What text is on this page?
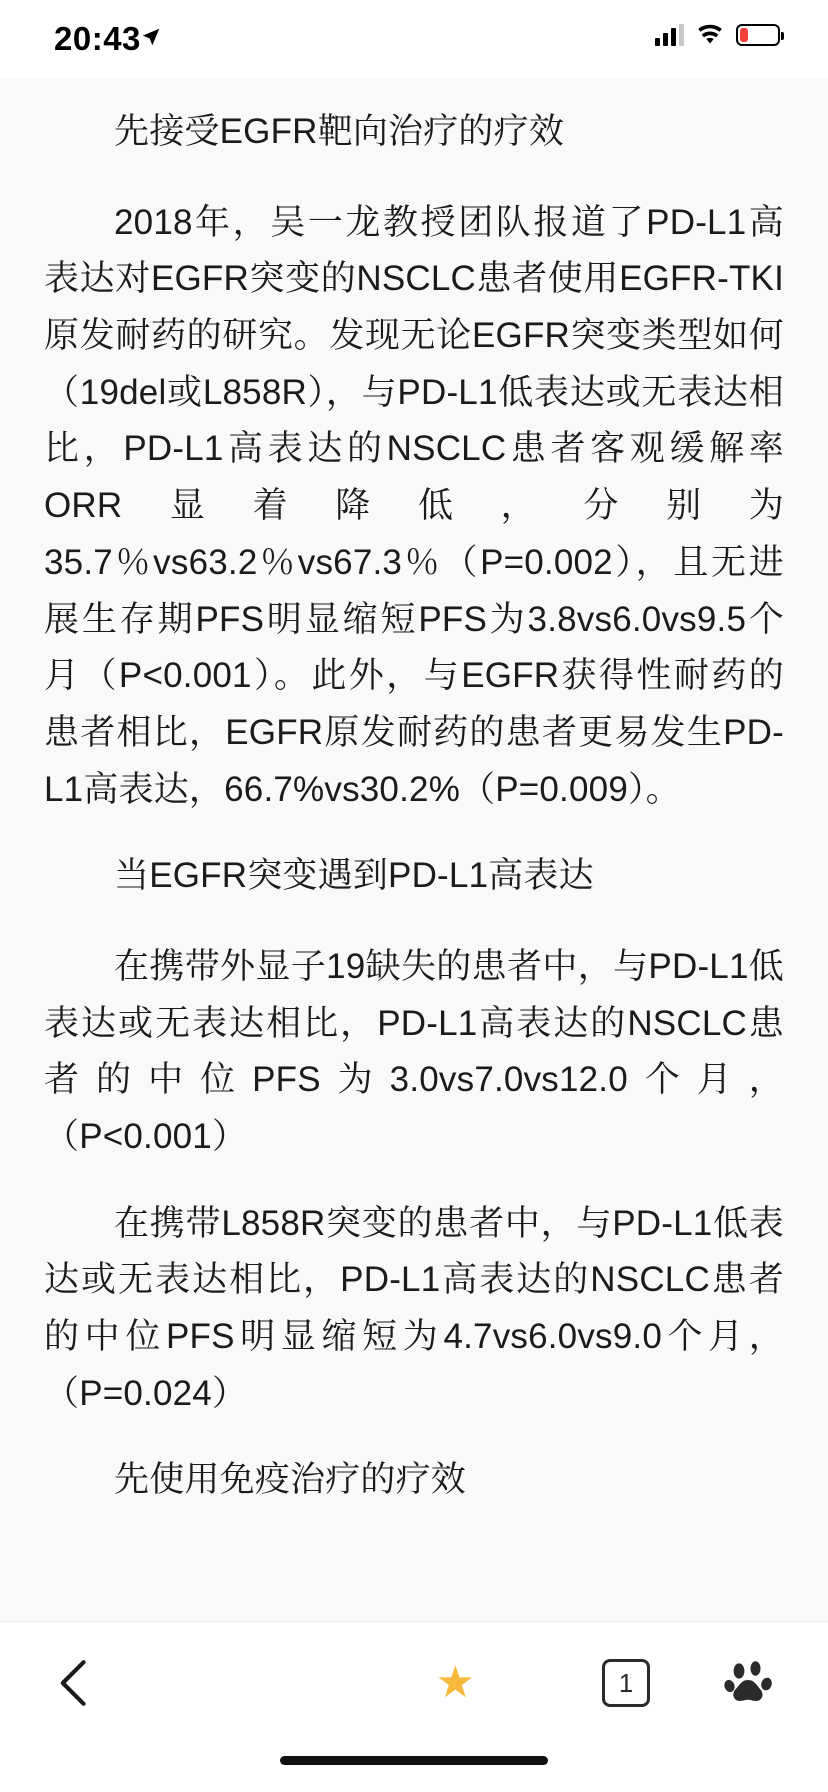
20:43

先接受EGFR靶向治疗的疗效

2018年，吴一龙教授团队报道了PD-L1高表达对EGFR突变的NSCLC患者使用EGFR-TKI原发耐药的研究。发现无论EGFR突变类型如何（19del或L858R），与PD-L1低表达或无表达相比，PD-L1高表达的NSCLC患者客观缓解率ORR显着降低，分别为35.7％vs63.2％vs67.3％（P=0.002），且无进展生存期PFS明显缩短PFS为3.8vs6.0vs9.5个月（P<0.001）。此外，与EGFR获得性耐药的患者相比，EGFR原发耐药的患者更易发生PD-L1高表达，66.7%vs30.2%（P=0.009）。

当EGFR突变遇到PD-L1高表达

在携带外显子19缺失的患者中，与PD-L1低表达或无表达相比，PD-L1高表达的NSCLC患者的中位PFS为3.0vs7.0vs12.0个月，（P<0.001）

在携带L858R突变的患者中，与PD-L1低表达或无表达相比，PD-L1高表达的NSCLC患者的中位PFS明显缩短为4.7vs6.0vs9.0个月，（P=0.024）

先使用免疫治疗的疗效

★	1
